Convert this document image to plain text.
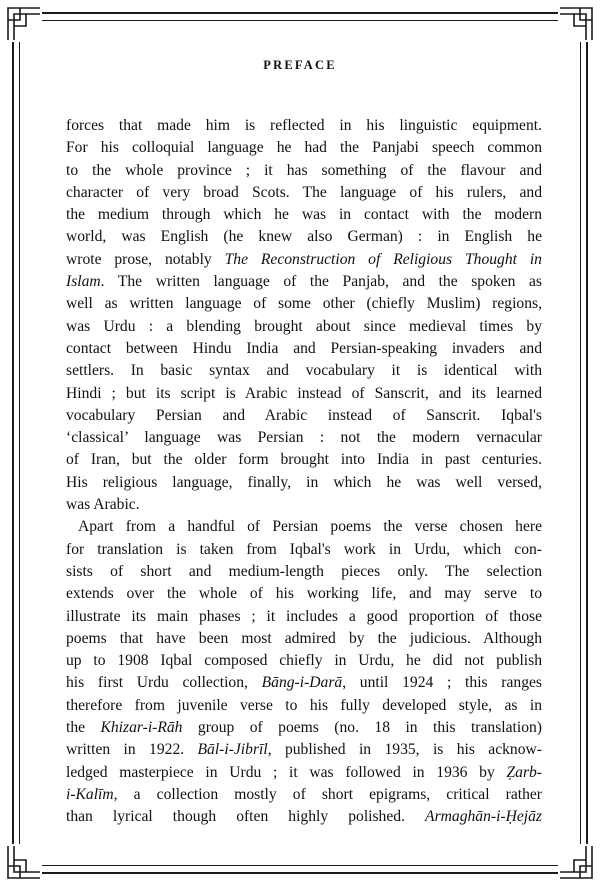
PREFACE
forces that made him is reflected in his linguistic equipment.
For his colloquial language he had the Panjabi speech common
to the whole province ; it has something of the flavour and
character of very broad Scots. The language of his rulers, and
the medium through which he was in contact with the modern
world, was English (he knew also German) : in English he
wrote prose, notably The Reconstruction of Religious Thought in
Islam. The written language of the Panjab, and the spoken as
well as written language of some other (chiefly Muslim) regions,
was Urdu : a blending brought about since medieval times by
contact between Hindu India and Persian-speaking invaders and
settlers. In basic syntax and vocabulary it is identical with
Hindi ; but its script is Arabic instead of Sanscrit, and its learned
vocabulary Persian and Arabic instead of Sanscrit. Iqbal's
‘classical’ language was Persian : not the modern vernacular
of Iran, but the older form brought into India in past centuries.
His religious language, finally, in which he was well versed,
was Arabic.
Apart from a handful of Persian poems the verse chosen here
for translation is taken from Iqbal's work in Urdu, which con-
sists of short and medium-length pieces only. The selection
extends over the whole of his working life, and may serve to
illustrate its main phases ; it includes a good proportion of those
poems that have been most admired by the judicious. Although
up to 1908 Iqbal composed chiefly in Urdu, he did not publish
his first Urdu collection, Bāng-i-Darā, until 1924 ; this ranges
therefore from juvenile verse to his fully developed style, as in
the Khizar-i-Rāh group of poems (no. 18 in this translation)
written in 1922. Bāl-i-Jibrīl, published in 1935, is his acknow-
ledged masterpiece in Urdu ; it was followed in 1936 by Ẓarb-
i-Kalīm, a collection mostly of short epigrams, critical rather
than lyrical though often highly polished. Armaghān-i-Ḥejāz
